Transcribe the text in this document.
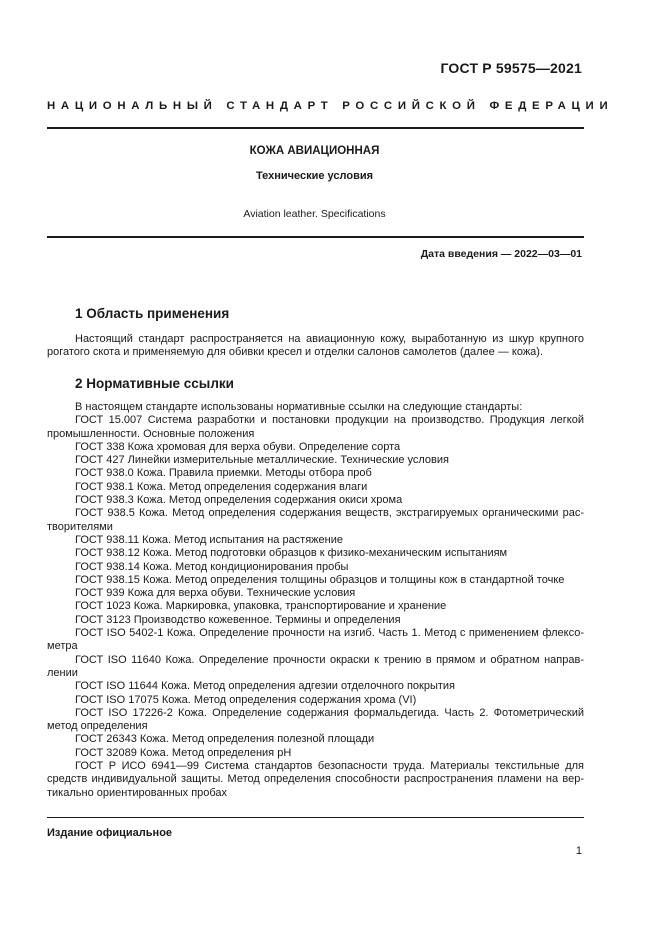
ГОСТ Р 59575—2021
НАЦИОНАЛЬНЫЙ СТАНДАРТ РОССИЙСКОЙ ФЕДЕРАЦИИ
КОЖА АВИАЦИОННАЯ
Технические условия
Aviation leather. Specifications
Дата введения — 2022—03—01
1 Область применения

Настоящий стандарт распространяется на авиационную кожу, выработанную из шкур крупного рогатого скота и применяемую для обивки кресел и отделки салонов самолетов (далее — кожа).

2 Нормативные ссылки

В настоящем стандарте использованы нормативные ссылки на следующие стандарты:

ГОСТ 15.007 Система разработки и постановки продукции на производство. Продукция легкой промышленности. Основные положения

ГОСТ 338 Кожа хромовая для верха обуви. Определение сорта

ГОСТ 427 Линейки измерительные металлические. Технические условия

ГОСТ 938.0 Кожа. Правила приемки. Методы отбора проб

ГОСТ 938.1 Кожа. Метод определения содержания влаги

ГОСТ 938.3 Кожа. Метод определения содержания окиси хрома

ГОСТ 938.5 Кожа. Метод определения содержания веществ, экстрагируемых органическими рас-творителями

ГОСТ 938.11 Кожа. Метод испытания на растяжение

ГОСТ 938.12 Кожа. Метод подготовки образцов к физико-механическим испытаниям

ГОСТ 938.14 Кожа. Метод кондиционирования пробы

ГОСТ 938.15 Кожа. Метод определения толщины образцов и толщины кож в стандартной точке

ГОСТ 939 Кожа для верха обуви. Технические условия

ГОСТ 1023 Кожа. Маркировка, упаковка, транспортирование и хранение

ГОСТ 3123 Производство кожевенное. Термины и определения

ГОСТ ISO 5402-1 Кожа. Определение прочности на изгиб. Часть 1. Метод с применением флексо-метра

ГОСТ ISO 11640 Кожа. Определение прочности окраски к трению в прямом и обратном направ-лении

ГОСТ ISO 11644 Кожа. Метод определения адгезии отделочного покрытия

ГОСТ ISO 17075 Кожа. Метод определения содержания хрома (VI)

ГОСТ ISO 17226-2 Кожа. Определение содержания формальдегида. Часть 2. Фотометрический метод определения

ГОСТ 26343 Кожа. Метод определения полезной площади

ГОСТ 32089 Кожа. Метод определения pH

ГОСТ Р ИСО 6941—99 Система стандартов безопасности труда. Материалы текстильные для средств индивидуальной защиты. Метод определения способности распространения пламени на вер-тикально ориентированных пробах

Издание официальное
1
